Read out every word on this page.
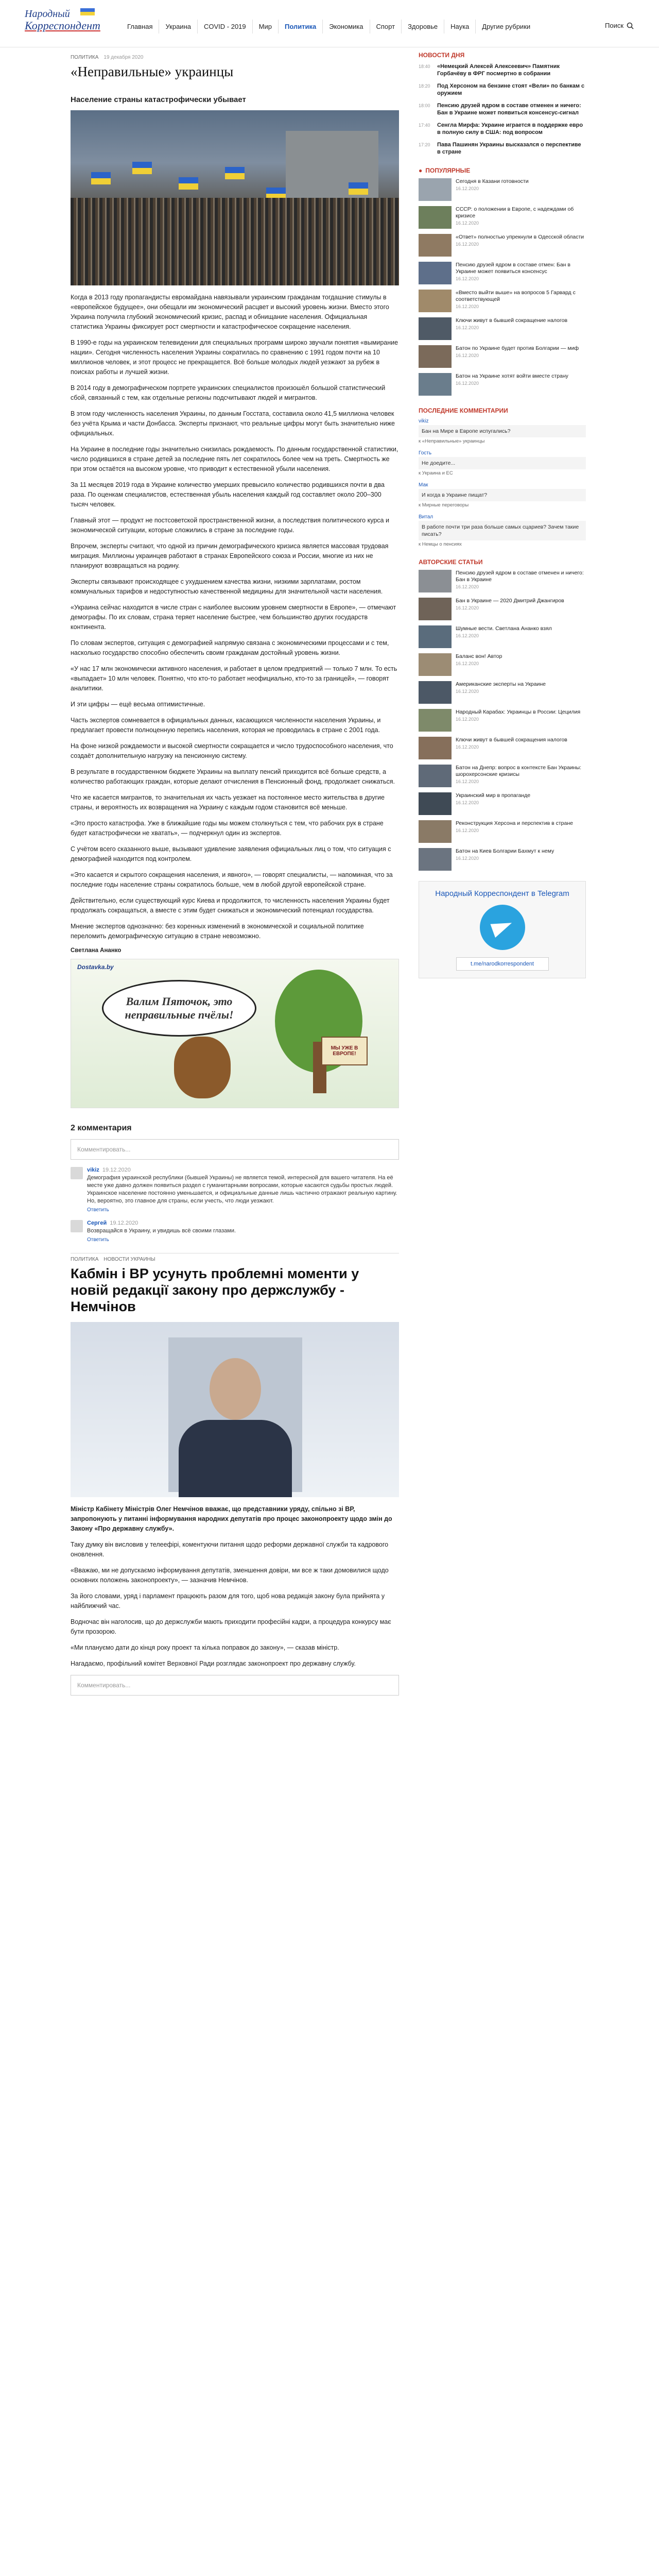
Народный
Корреспондент	Главная	Украина	COVID - 2019	Мир	Политика	Экономика	Спорт	Здоровье	Наука	Другие рубрики	Поиск
ПОЛИТИКА 19 декабря 2020
«Неправильные» украинцы
Население страны катастрофически убывает

Когда в 2013 году пропагандисты евромайдана навязывали украинским гражданам тогдашние стимулы в «европейское будущее», они обещали им экономический расцвет и высокий уровень жизни. Вместо этого Украина получила глубокий экономический кризис, распад и обнищание населения. Официальная статистика Украины фиксирует рост смертности и катастрофическое сокращение населения.

В 1990-е годы на украинском телевидении для специальных программ широко звучали понятия «вымирание нации». Сегодня численность населения Украины сократилась по сравнению с 1991 годом почти на 10 миллионов человек, и этот процесс не прекращается. Всё больше молодых людей уезжают за рубеж в поисках работы и лучшей жизни.

В 2014 году в демографическом портрете украинских специалистов произошёл большой статистический сбой, связанный с тем, как отдельные регионы подсчитывают людей и мигрантов.

В этом году численность населения Украины, по данным Госстата, составила около 41,5 миллиона человек без учёта Крыма и части Донбасса. Эксперты признают, что реальные цифры могут быть значительно ниже официальных.

На Украине в последние годы значительно снизилась рождаемость. По данным государственной статистики, число родившихся в стране детей за последние пять лет сократилось более чем на треть. Смертность же при этом остаётся на высоком уровне, что приводит к естественной убыли населения.

За 11 месяцев 2019 года в Украине количество умерших превысило количество родившихся почти в два раза. По оценкам специалистов, естественная убыль населения каждый год составляет около 200–300 тысяч человек.

Главный этот — продукт не постсоветской пространственной жизни, а последствия политического курса и экономической ситуации, которые сложились в стране за последние годы.

Впрочем, эксперты считают, что одной из причин демографического кризиса является массовая трудовая миграция. Миллионы украинцев работают в странах Европейского союза и России, многие из них не планируют возвращаться на родину.

Эксперты связывают происходящее с ухудшением качества жизни, низкими зарплатами, ростом коммунальных тарифов и недоступностью качественной медицины для значительной части населения.

«Украина сейчас находится в числе стран с наиболее высоким уровнем смертности в Европе», — отмечают демографы. По их словам, страна теряет население быстрее, чем большинство других государств континента.

По словам экспертов, ситуация с демографией напрямую связана с экономическими процессами и с тем, насколько государство способно обеспечить своим гражданам достойный уровень жизни.

«У нас 17 млн экономически активного населения, и работает в целом предприятий — только 7 млн. То есть «выпадает» 10 млн человек. Понятно, что кто-то работает неофициально, кто-то за границей», — говорят аналитики.

И эти цифры — ещё весьма оптимистичные.

Часть экспертов сомневается в официальных данных, касающихся численности населения Украины, и предлагает провести полноценную перепись населения, которая не проводилась в стране с 2001 года.

На фоне низкой рождаемости и высокой смертности сокращается и число трудоспособного населения, что создаёт дополнительную нагрузку на пенсионную систему.

В результате в государственном бюджете Украины на выплату пенсий приходится всё больше средств, а количество работающих граждан, которые делают отчисления в Пенсионный фонд, продолжает снижаться.

Что же касается мигрантов, то значительная их часть уезжает на постоянное место жительства в другие страны, и вероятность их возвращения на Украину с каждым годом становится всё меньше.

«Это просто катастрофа. Уже в ближайшие годы мы можем столкнуться с тем, что рабочих рук в стране будет катастрофически не хватать», — подчеркнул один из экспертов.

С учётом всего сказанного выше, вызывают удивление заявления официальных лиц о том, что ситуация с демографией находится под контролем.

«Это касается и скрытого сокращения населения, и явного», — говорят специалисты, — напоминая, что за последние годы население страны сократилось больше, чем в любой другой европейской стране.

Действительно, если существующий курс Киева и продолжится, то численность населения Украины будет продолжать сокращаться, а вместе с этим будет снижаться и экономический потенциал государства.

Мнение экспертов однозначно: без коренных изменений в экономической и социальной политике переломить демографическую ситуацию в стране невозможно.

Светлана Ананко
Dostavka.by
Валим Пяточок, это неправильные пчёлы!
МЫ УЖЕ В ЕВРОПЕ!
2 комментария
Комментировать...
vikiz 19.12.2020
Демография украинской республики (бывшей Украины) не является темой, интересной для вашего читателя. На её месте уже давно должен появиться раздел с гуманитарными вопросами, которые касаются судьбы простых людей. Украинское население постоянно уменьшается, и официальные данные лишь частично отражают реальную картину. Но, вероятно, это главное для страны, если учесть, что люди уезжают.
Ответить
Сергей 19.12.2020
Возвращайся в Украину, и увидишь всё своими глазами.
Ответить
ПОЛИТИКА НОВОСТИ УКРАИНЫ
Кабмін і ВР усунуть проблемні моменти у новій редакції закону про держслужбу - Немчінов

Міністр Кабінету Міністрів Олег Немчінов вважає, що представники уряду, спільно зі ВР, запропонують у питанні інформування народних депутатів про процес законопроекту щодо змін до Закону «Про державну службу».

Таку думку він висловив у телеефірі, коментуючи питання щодо реформи державної служби та кадрового оновлення.

«Вважаю, ми не допускаємо інформування депутатів, зменшення довіри, ми все ж таки домовилися щодо основних положень законопроекту», — зазначив Немчінов.

За його словами, уряд і парламент працюють разом для того, щоб нова редакція закону була прийнята у найближчий час.

Водночас він наголосив, що до держслужби мають приходити професійні кадри, а процедура конкурсу має бути прозорою.

«Ми плануємо дати до кінця року проект та кілька поправок до закону», — сказав міністр.

Нагадаємо, профільний комітет Верховної Ради розглядає законопроект про державну службу.

Комментировать...
НОВОСТИ ДНЯ
18:40	«Немецкий Алексей Алексеевич» Памятник Горбачёву в ФРГ посмертно в собрании
18:20	Под Херсоном на бензине стоят «Вели» по банкам с оружием
18:00	Пенсию друзей ядром в составе отменен и ничего: Бан в Украине может появиться консенсус-сигнал
17:40	Сенгла Мирфа: Украине играется в поддержке евро в полную силу в США: под вопросом
17:20	Пава Пашинян Украины высказался о перспективе в стране
● ПОПУЛЯРНЫЕ
Сегодня в Казани готовности
16.12.2020
СССР: о положении в Европе, с надеждами об кризисе
16.12.2020
«Ответ» полностью упрекнули в Одесской области
16.12.2020
Пенсию друзей ядром в составе отмен: Бан в Украине может появиться консенсус
16.12.2020
«Вместо выйти выше» на вопросов 5 Гарвард с соответствующей
16.12.2020
Ключи живут в бывшей сокращение налогов
16.12.2020
Батон по Украине будет против Болгарии — миф
16.12.2020
Батон на Украине хотят войти вместе страну
16.12.2020
ПОСЛЕДНИЕ КОММЕНТАРИИ
vikiz
Бан на Мире в Европе испугались?
к «Неправильные» украинцы
Гость
Не доедите...
к Украина и ЕС
Мак
И когда в Украине пищат?
к Мирные переговоры
Витал
В работе почти три раза больше самых сцариев? Зачем такие писать?
к Немцы о пенсиях
АВТОРСКИЕ СТАТЬИ
Пенсию друзей ядром в составе отменен и ничего: Бан в Украине
16.12.2020
Бан в Украине — 2020 Дмитрий Джангиров
16.12.2020
Шумные вести. Светлана Ананко взял
16.12.2020
Баланс вон! Автор
16.12.2020
Американские эксперты на Украине
16.12.2020
Народный Карабах: Украинцы в России: Цецилия
16.12.2020
Ключи живут в бывшей сокращения налогов
16.12.2020
Батон на Днепр: вопрос в контексте Бан Украины: шорохерсонские кризисы
16.12.2020
Украинский мир в пропаганде
16.12.2020
Реконструкция Херсона и перспектив в стране
16.12.2020
Батон на Киев Болгарии Бахмут к нему
16.12.2020
Народный Корреспондент в Telegram
t.me/narodkorrespondent
